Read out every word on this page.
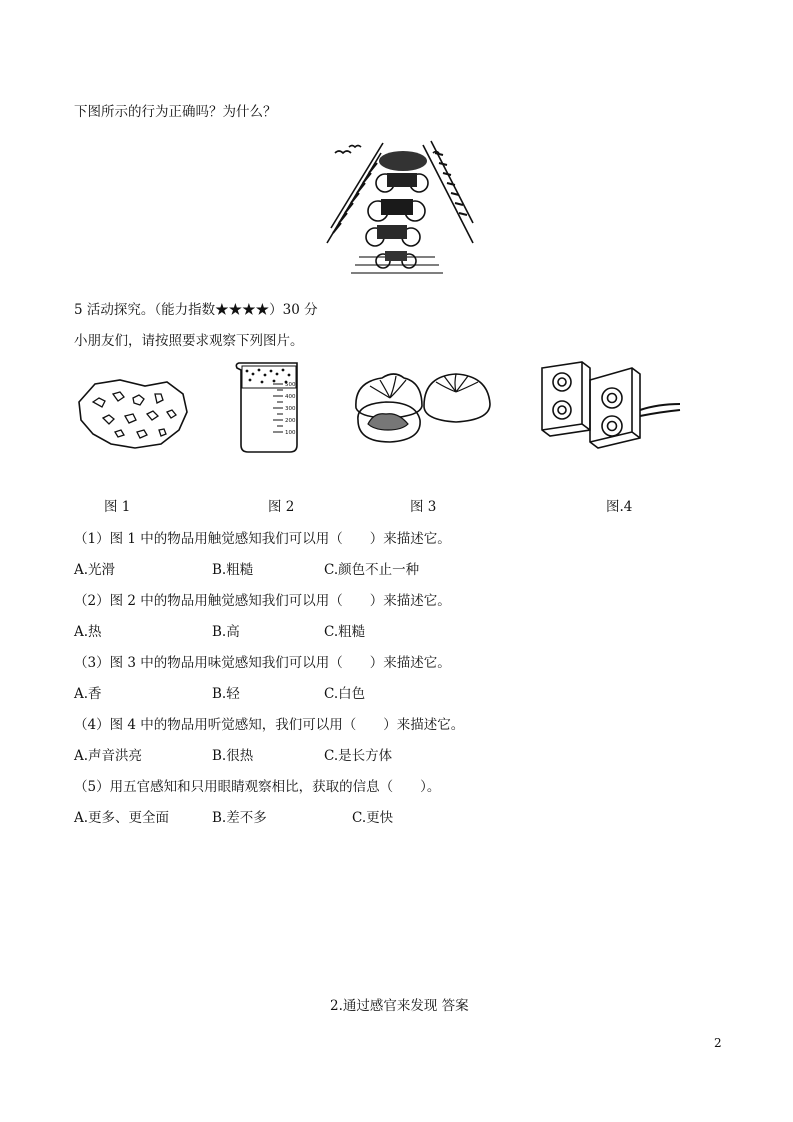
下图所示的行为正确吗？为什么？
5 活动探究。（能力指数★★★★）30 分
小朋友们，请按照要求观察下列图片。
500
400
300
200
100
图 1	图 2	图 3	图.4
（1）图 1 中的物品用触觉感知我们可以用（　　）来描述它。
A.光滑	B.粗糙	C.颜色不止一种
（2）图 2 中的物品用触觉感知我们可以用（　　）来描述它。
A.热	B.高	C.粗糙
（3）图 3 中的物品用味觉感知我们可以用（　　）来描述它。
A.香	B.轻	C.白色
（4）图 4 中的物品用听觉感知，我们可以用（　　）来描述它。
A.声音洪亮	B.很热	C.是长方体
（5）用五官感知和只用眼睛观察相比，获取的信息（　　）。
A.更多、更全面	B.差不多	C.更快
2.通过感官来发现 答案
2
